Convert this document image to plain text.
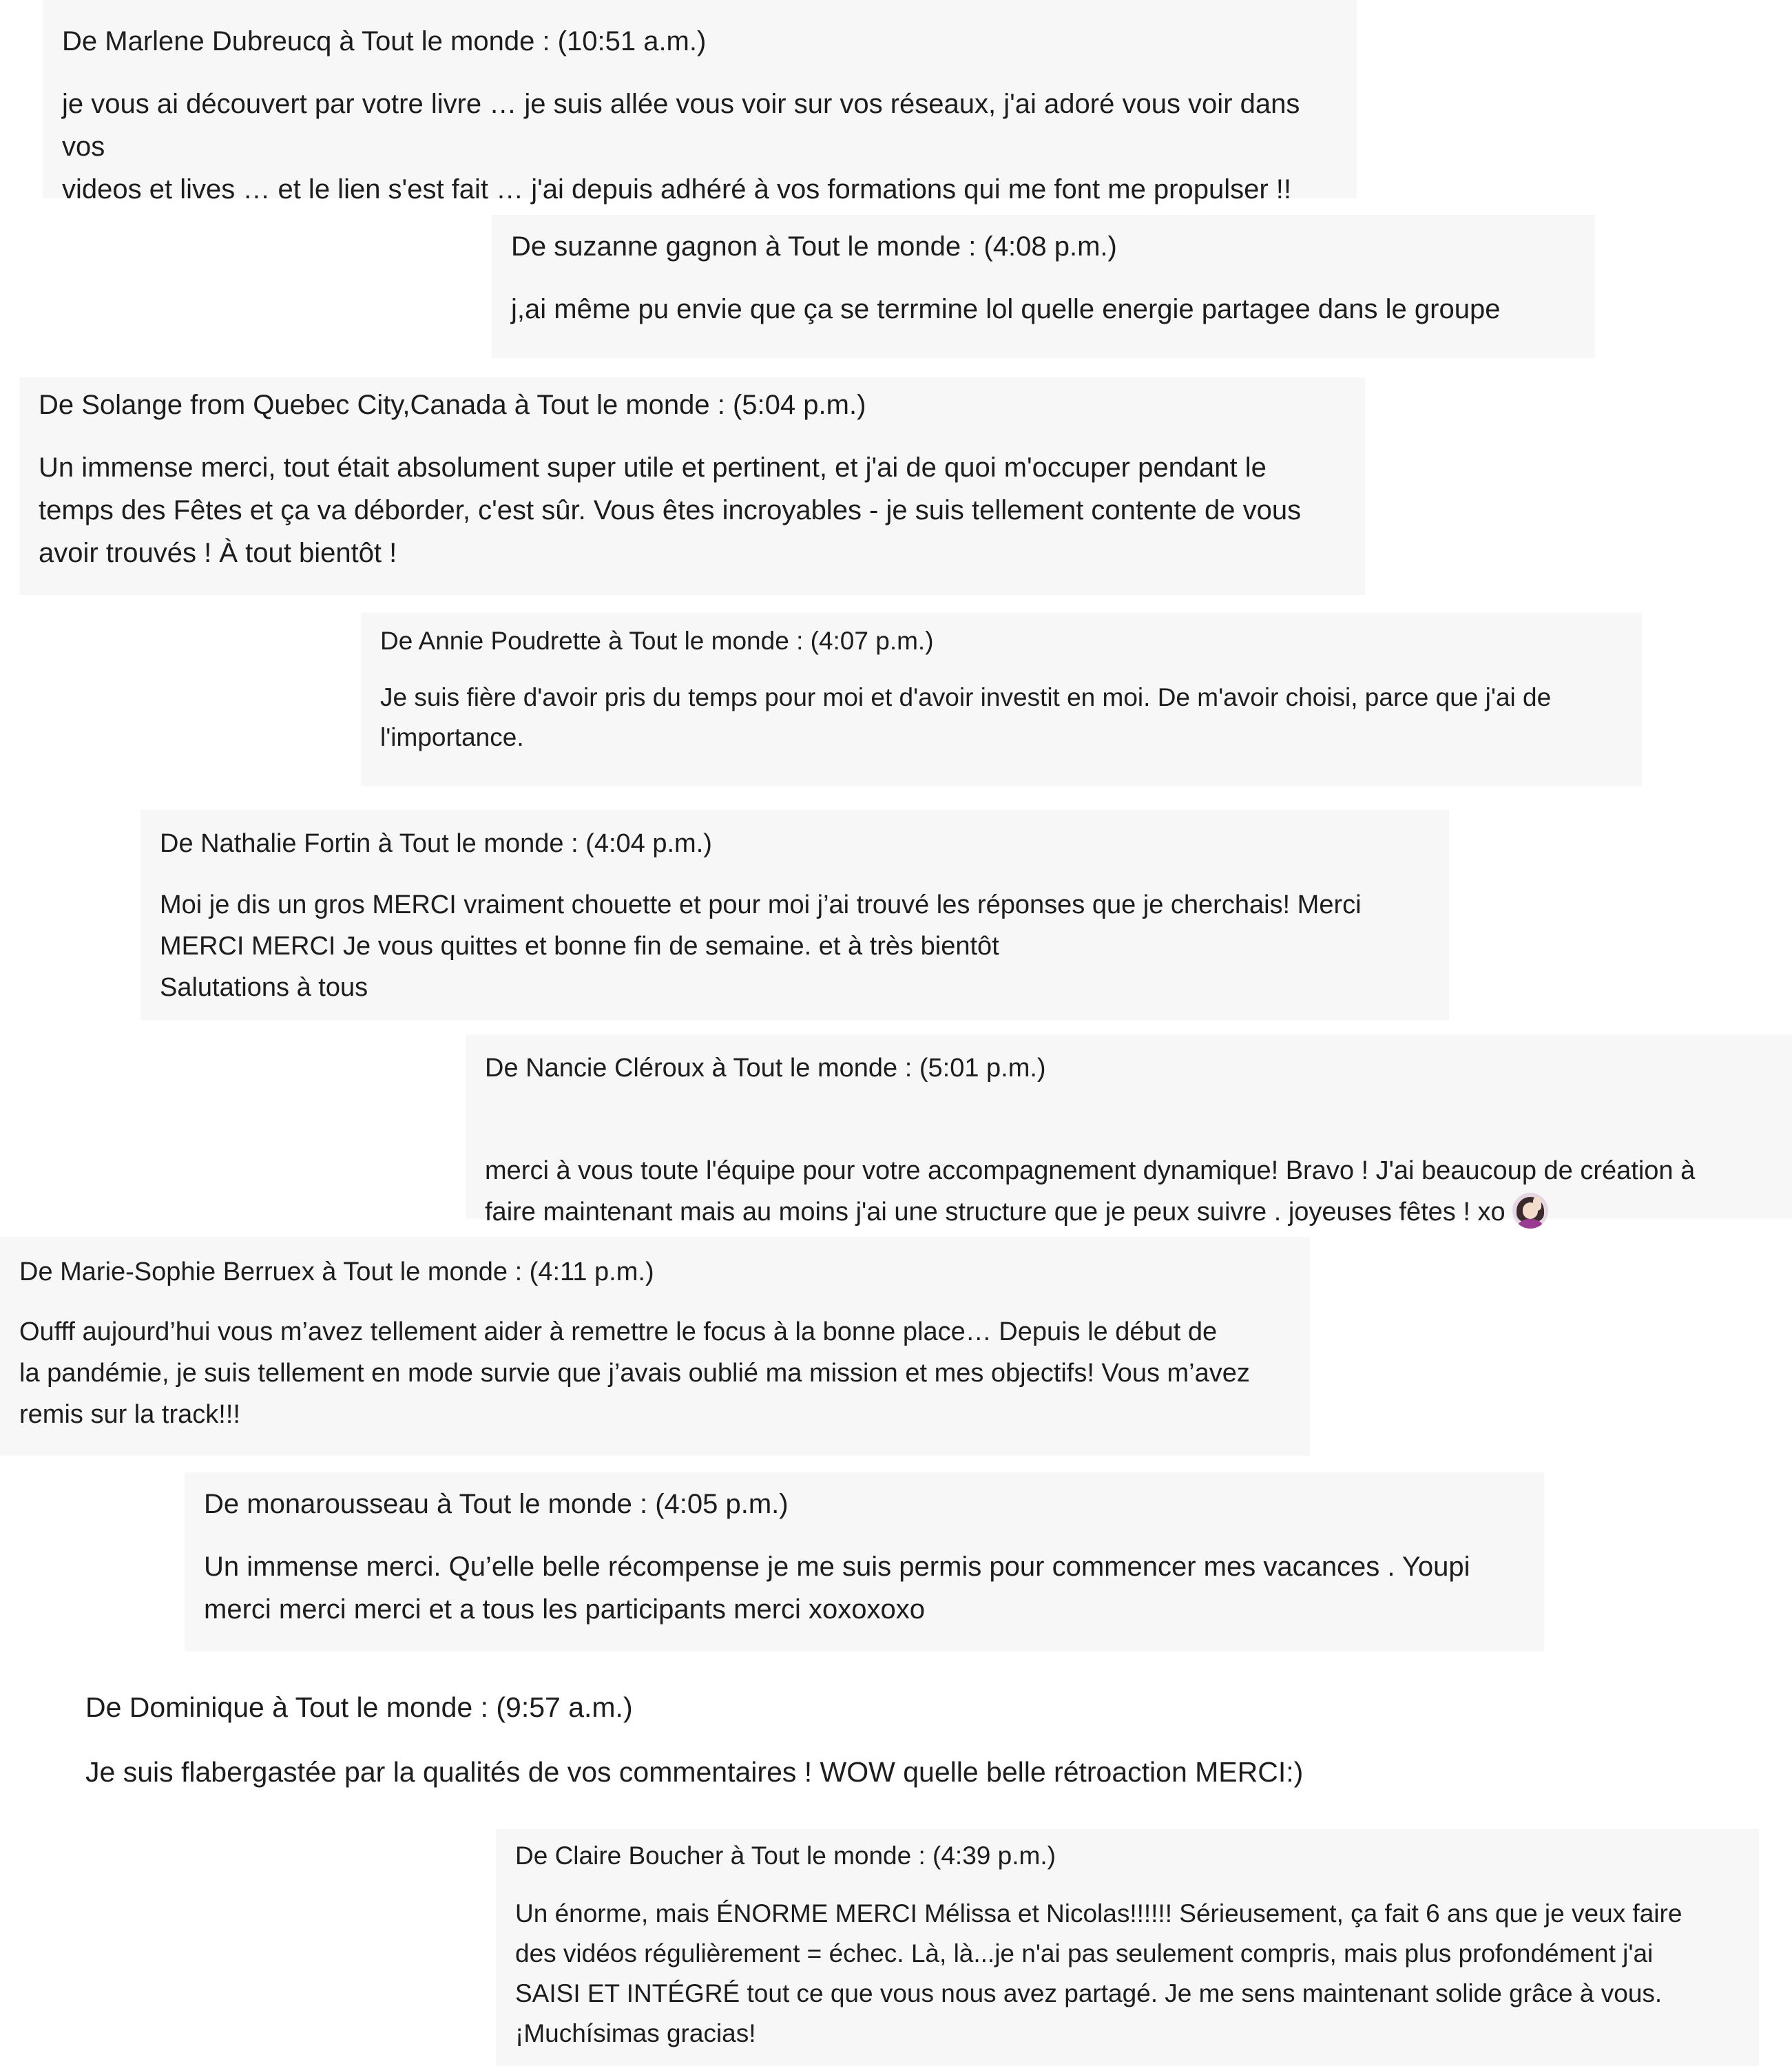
De Marlene Dubreucq à Tout le monde : (10:51 a.m.)
je vous ai découvert par votre livre … je suis allée vous voir sur vos réseaux, j'ai adoré vous voir dans vos
videos et lives … et le lien s'est fait … j'ai depuis adhéré à vos formations qui me font me propulser !!
De suzanne gagnon à Tout le monde : (4:08 p.m.)
j,ai même pu envie que ça se terrmine lol quelle energie partagee dans le groupe
De Solange from Quebec City,Canada à Tout le monde : (5:04 p.m.)
Un immense merci, tout était absolument super utile et pertinent, et j'ai de quoi m'occuper pendant le
temps des Fêtes et ça va déborder, c'est sûr. Vous êtes incroyables - je suis tellement contente de vous
avoir trouvés ! À tout bientôt !
De Annie Poudrette à Tout le monde : (4:07 p.m.)
Je suis fière d'avoir pris du temps pour moi et d'avoir investit en moi. De m'avoir choisi, parce que j'ai de
l'importance.
De Nathalie Fortin à Tout le monde : (4:04 p.m.)
Moi je dis un gros MERCI vraiment chouette et pour moi j’ai trouvé les réponses que je cherchais! Merci
MERCI MERCI Je vous quittes et bonne fin de semaine. et à très bientôt
Salutations à tous
De Nancie Cléroux à Tout le monde : (5:01 p.m.)

merci à vous toute l'équipe pour votre accompagnement dynamique! Bravo ! J'ai beaucoup de création à
faire maintenant mais au moins j'ai une structure que je peux suivre . joyeuses fêtes ! xo

De Marie-Sophie Berruex à Tout le monde : (4:11 p.m.)
Oufff aujourd’hui vous m’avez tellement aider à remettre le focus à la bonne place… Depuis le début de
la pandémie, je suis tellement en mode survie que j’avais oublié ma mission et mes objectifs! Vous m’avez
remis sur la track!!!
De monarousseau à Tout le monde : (4:05 p.m.)
Un immense merci. Qu’elle belle récompense je me suis permis pour commencer mes vacances . Youpi
merci merci merci et a tous les participants merci xoxoxoxo
De Dominique à Tout le monde : (9:57 a.m.)
Je suis flabergastée par la qualités de vos commentaires ! WOW quelle belle rétroaction MERCI:)
De Claire Boucher à Tout le monde : (4:39 p.m.)
Un énorme, mais ÉNORME MERCI Mélissa et Nicolas!!!!!! Sérieusement, ça fait 6 ans que je veux faire
des vidéos régulièrement = échec. Là, là...je n'ai pas seulement compris, mais plus profondément j'ai
SAISI ET INTÉGRÉ tout ce que vous nous avez partagé. Je me sens maintenant solide grâce à vous.
¡Muchísimas gracias!
